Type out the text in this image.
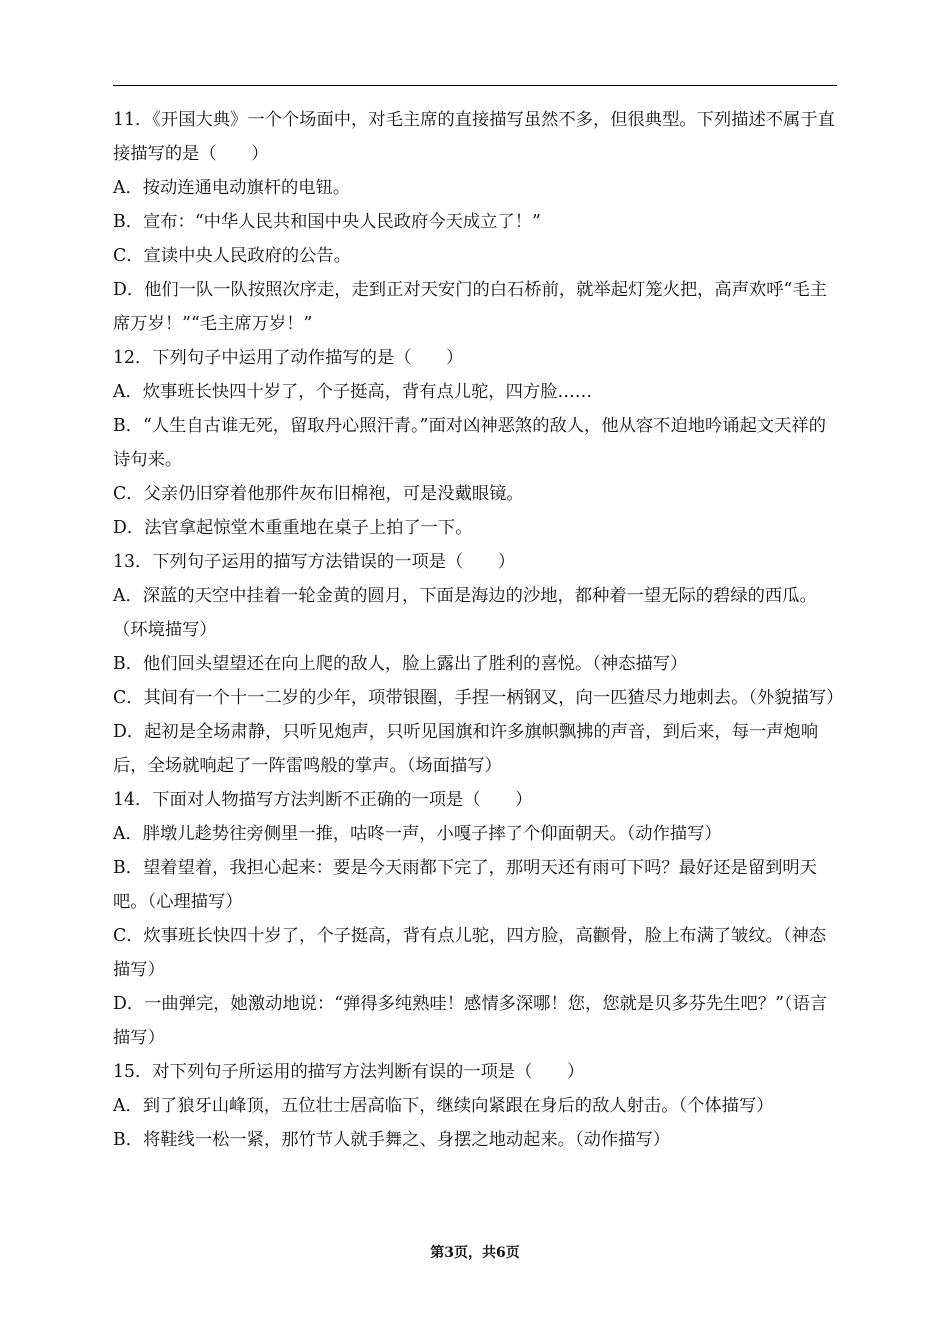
11．《开国大典》一个个场面中，对毛主席的直接描写虽然不多，但很典型。下列描述不属于直接描写的是（　　）

A．按动连通电动旗杆的电钮。

B．宣布：“中华人民共和国中央人民政府今天成立了！”

C．宣读中央人民政府的公告。

D．他们一队一队按照次序走，走到正对天安门的白石桥前，就举起灯笼火把，高声欢呼“毛主席万岁！”“毛主席万岁！”

12．下列句子中运用了动作描写的是（　　）

A．炊事班长快四十岁了，个子挺高，背有点儿驼，四方脸……

B．“人生自古谁无死，留取丹心照汗青。”面对凶神恶煞的敌人，他从容不迫地吟诵起文天祥的诗句来。

C．父亲仍旧穿着他那件灰布旧棉袍，可是没戴眼镜。

D．法官拿起惊堂木重重地在桌子上拍了一下。

13．下列句子运用的描写方法错误的一项是（　　）

A．深蓝的天空中挂着一轮金黄的圆月，下面是海边的沙地，都种着一望无际的碧绿的西瓜。（环境描写）

B．他们回头望望还在向上爬的敌人，脸上露出了胜利的喜悦。（神态描写）

C．其间有一个十一二岁的少年，项带银圈，手捏一柄钢叉，向一匹猹尽力地刺去。（外貌描写）

D．起初是全场肃静，只听见炮声，只听见国旗和许多旗帜飘拂的声音，到后来，每一声炮响后，全场就响起了一阵雷鸣般的掌声。（场面描写）

14．下面对人物描写方法判断不正确的一项是（　　）

A．胖墩儿趁势往旁侧里一推，咕咚一声，小嘎子摔了个仰面朝天。（动作描写）

B．望着望着，我担心起来：要是今天雨都下完了，那明天还有雨可下吗？最好还是留到明天吧。（心理描写）

C．炊事班长快四十岁了，个子挺高，背有点儿驼，四方脸，高颧骨，脸上布满了皱纹。（神态描写）

D．一曲弹完，她激动地说：“弹得多纯熟哇！感情多深哪！您，您就是贝多芬先生吧？”（语言描写）

15．对下列句子所运用的描写方法判断有误的一项是（　　）

A．到了狼牙山峰顶，五位壮士居高临下，继续向紧跟在身后的敌人射击。（个体描写）

B．将鞋线一松一紧，那竹节人就手舞之、身摆之地动起来。（动作描写）

第3页，共6页
